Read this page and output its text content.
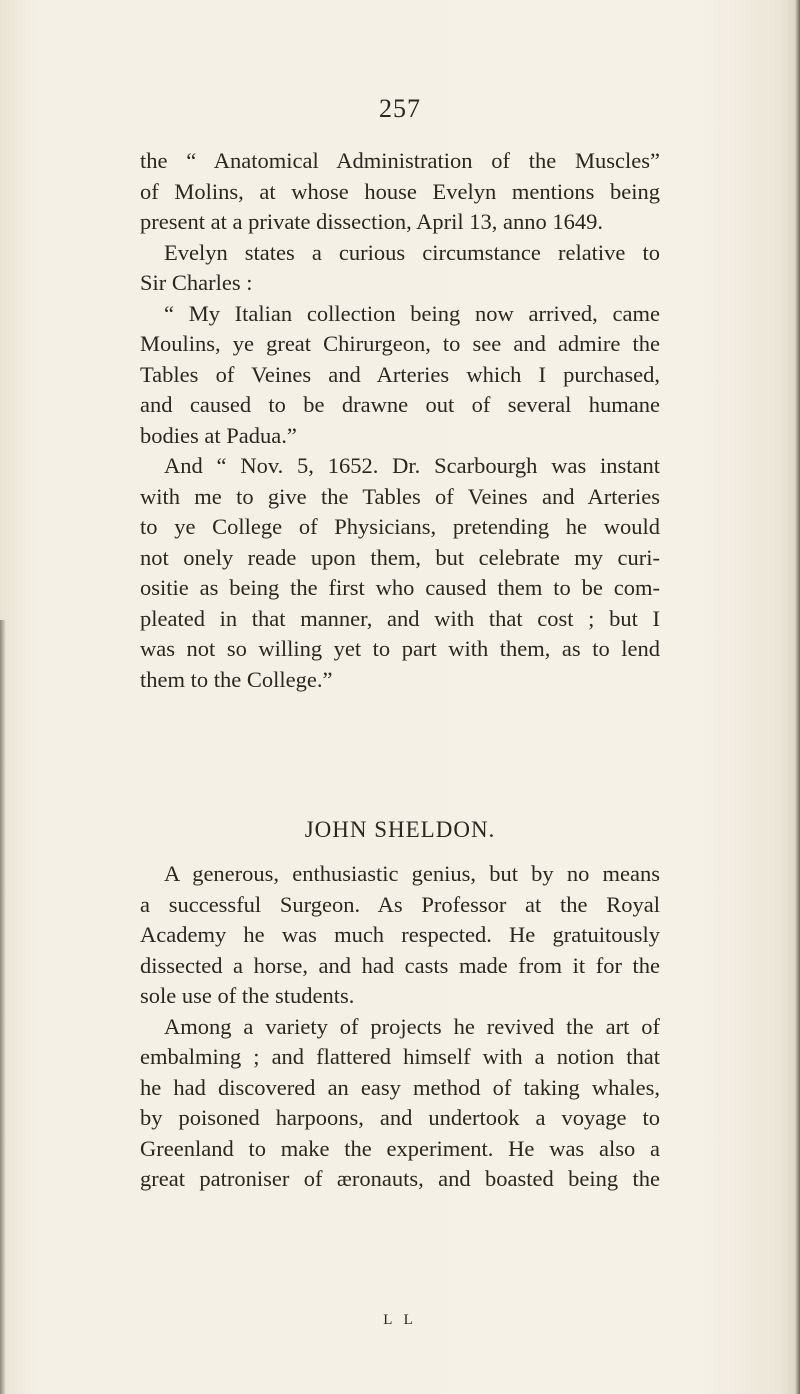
257
the “ Anatomical Administration of the Muscles”
of Molins, at whose house Evelyn mentions being
present at a private dissection, April 13, anno 1649.
Evelyn states a curious circumstance relative to
Sir Charles :
“ My Italian collection being now arrived, came
Moulins, ye great Chirurgeon, to see and admire the
Tables of Veines and Arteries which I purchased,
and caused to be drawne out of several humane
bodies at Padua.”
And “ Nov. 5, 1652. Dr. Scarbourgh was instant
with me to give the Tables of Veines and Arteries
to ye College of Physicians, pretending he would
not onely reade upon them, but celebrate my curi-
ositie as being the first who caused them to be com-
pleated in that manner, and with that cost ; but I
was not so willing yet to part with them, as to lend
them to the College.”
JOHN SHELDON.
A generous, enthusiastic genius, but by no means
a successful Surgeon. As Professor at the Royal
Academy he was much respected. He gratuitously
dissected a horse, and had casts made from it for the
sole use of the students.
Among a variety of projects he revived the art of
embalming ; and flattered himself with a notion that
he had discovered an easy method of taking whales,
by poisoned harpoons, and undertook a voyage to
Greenland to make the experiment. He was also a
great patroniser of æronauts, and boasted being the
L L
